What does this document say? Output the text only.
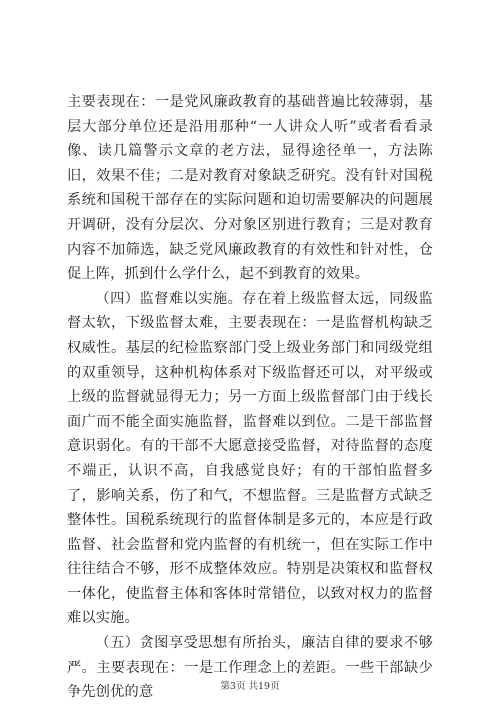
主要表现在：一是党风廉政教育的基础普遍比较薄弱，基层大部分单位还是沿用那种“一人讲众人听”或者看看录像、读几篇警示文章的老方法，显得途径单一，方法陈旧，效果不佳；二是对教育对象缺乏研究。没有针对国税系统和国税干部存在的实际问题和迫切需要解决的问题展开调研，没有分层次、分对象区别进行教育；三是对教育内容不加筛选，缺乏党风廉政教育的有效性和针对性，仓促上阵，抓到什么学什么，起不到教育的效果。

（四）监督难以实施。存在着上级监督太远，同级监督太软，下级监督太难，主要表现在：一是监督机构缺乏权威性。基层的纪检监察部门受上级业务部门和同级党组的双重领导，这种机构体系对下级监督还可以，对平级或上级的监督就显得无力；另一方面上级监督部门由于线长面广而不能全面实施监督，监督难以到位。二是干部监督意识弱化。有的干部不大愿意接受监督，对待监督的态度不端正，认识不高，自我感觉良好；有的干部怕监督多了，影响关系，伤了和气，不想监督。三是监督方式缺乏整体性。国税系统现行的监督体制是多元的，本应是行政监督、社会监督和党内监督的有机统一，但在实际工作中往往结合不够，形不成整体效应。特别是决策权和监督权一体化，使监督主体和客体时常错位，以致对权力的监督难以实施。

（五）贪图享受思想有所抬头，廉洁自律的要求不够严。主要表现在：一是工作理念上的差距。一些干部缺少争先创优的意	第3页 共19页
